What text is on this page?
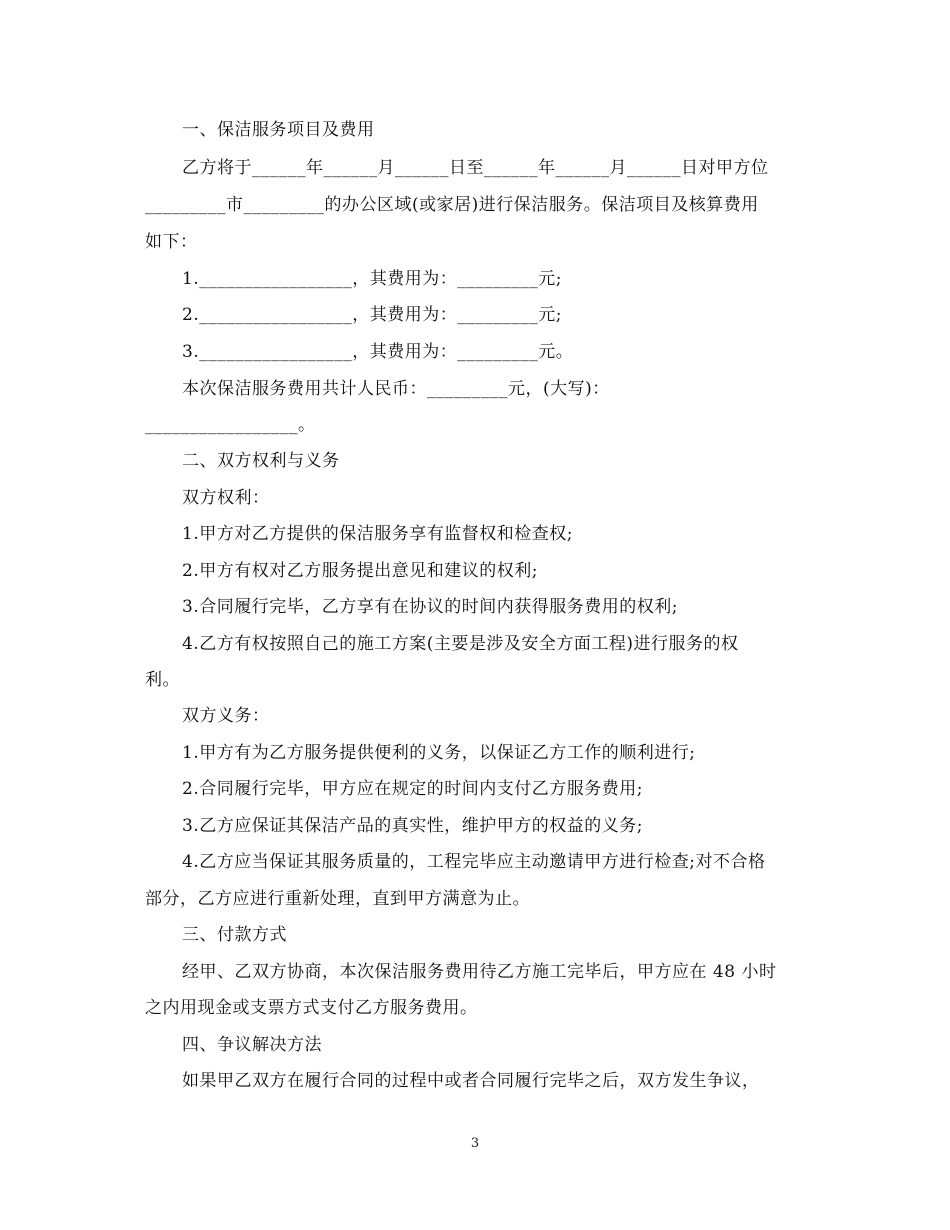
一、保洁服务项目及费用
乙方将于______年______月______日至______年______月______日对甲方位
_________市_________的办公区域(或家居)进行保洁服务。保洁项目及核算费用
如下：
1._________________，其费用为：_________元;
2._________________，其费用为：_________元;
3._________________，其费用为：_________元。
本次保洁服务费用共计人民币：_________元，(大写)：
_________________。
二、双方权利与义务
双方权利：
1.甲方对乙方提供的保洁服务享有监督权和检查权;
2.甲方有权对乙方服务提出意见和建议的权利;
3.合同履行完毕，乙方享有在协议的时间内获得服务费用的权利;
4.乙方有权按照自己的施工方案(主要是涉及安全方面工程)进行服务的权
利。
双方义务：
1.甲方有为乙方服务提供便利的义务，以保证乙方工作的顺利进行;
2.合同履行完毕，甲方应在规定的时间内支付乙方服务费用;
3.乙方应保证其保洁产品的真实性，维护甲方的权益的义务;
4.乙方应当保证其服务质量的，工程完毕应主动邀请甲方进行检查;对不合格
部分，乙方应进行重新处理，直到甲方满意为止。
三、付款方式
经甲、乙双方协商，本次保洁服务费用待乙方施工完毕后，甲方应在 48 小时
之内用现金或支票方式支付乙方服务费用。
四、争议解决方法
如果甲乙双方在履行合同的过程中或者合同履行完毕之后，双方发生争议，
3
